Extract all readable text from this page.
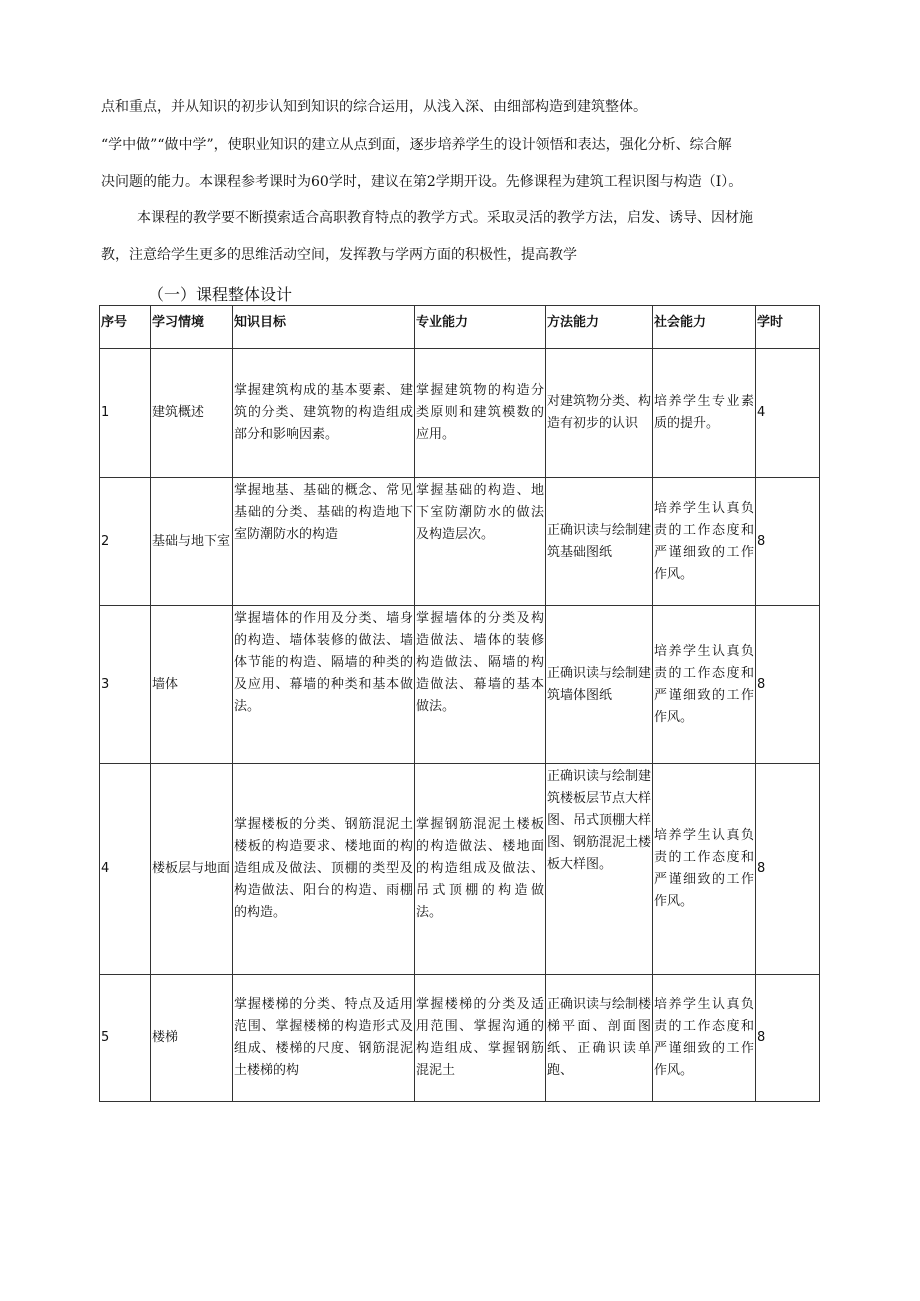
点和重点，并从知识的初步认知到知识的综合运用，从浅入深、由细部构造到建筑整体。
“学中做”“做中学”，使职业知识的建立从点到面，逐步培养学生的设计领悟和表达，强化分析、综合解
决问题的能力。本课程参考课时为60学时，建议在第2学期开设。先修课程为建筑工程识图与构造（I）。
本课程的教学要不断摸索适合高职教育特点的教学方式。采取灵活的教学方法，启发、诱导、因材施
教，注意给学生更多的思维活动空间，发挥教与学两方面的积极性，提高教学
（一）课程整体设计
序号	学习情境	知识目标	专业能力	方法能力	社会能力	学时
1	建筑概述	掌握建筑构成的基本要素、建筑的分类、建筑物的构造组成部分和影响因素。	掌握建筑物的构造分类原则和建筑模数的应用。	对建筑物分类、构造有初步的认识	培养学生专业素质的提升。	4
2	基础与地下室	掌握地基、基础的概念、常见基础的分类、基础的构造地下室防潮防水的构造	掌握基础的构造、地下室防潮防水的做法及构造层次。	正确识读与绘制建筑基础图纸	培养学生认真负责的工作态度和严谨细致的工作作风。	8
3	墙体	掌握墙体的作用及分类、墙身的构造、墙体装修的做法、墙体节能的构造、隔墙的种类的及应用、幕墙的种类和基本做法。	掌握墙体的分类及构造做法、墙体的装修构造做法、隔墙的构造做法、幕墙的基本做法。	正确识读与绘制建筑墙体图纸	培养学生认真负责的工作态度和严谨细致的工作作风。	8
4	楼板层与地面	掌握楼板的分类、钢筋混泥土楼板的构造要求、楼地面的构造组成及做法、顶棚的类型及构造做法、阳台的构造、雨棚的构造。	掌握钢筋混泥土楼板的构造做法、楼地面的构造组成及做法、吊式顶棚的构造做法。	正确识读与绘制建筑楼板层节点大样图、吊式顶棚大样图、钢筋混泥土楼板大样图。	培养学生认真负责的工作态度和严谨细致的工作作风。	8
5	楼梯	掌握楼梯的分类、特点及适用范围、掌握楼梯的构造形式及组成、楼梯的尺度、钢筋混泥土楼梯的构	掌握楼梯的分类及适用范围、掌握沟通的构造组成、掌握钢筋混泥土	正确识读与绘制楼梯平面、剖面图纸、正确识读单跑、	培养学生认真负责的工作态度和严谨细致的工作作风。	8
